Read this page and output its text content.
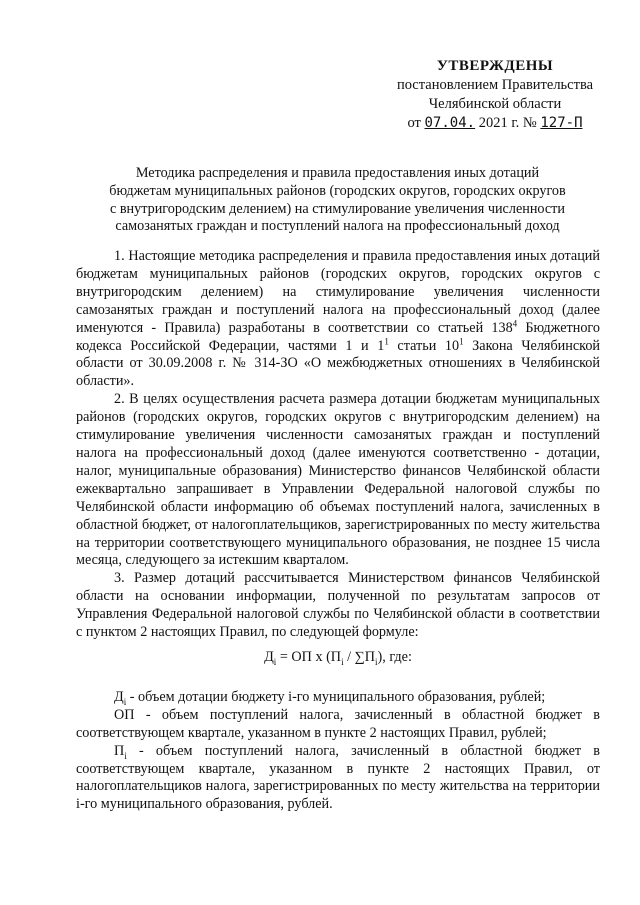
УТВЕРЖДЕНЫ
постановлением Правительства
Челябинской области
от 07.04. 2021 г. № 127-П
Методика распределения и правила предоставления иных дотаций
бюджетам муниципальных районов (городских округов, городских округов
с внутригородским делением) на стимулирование увеличения численности
самозанятых граждан и поступлений налога на профессиональный доход

1. Настоящие методика распределения и правила предоставления иных дотаций бюджетам муниципальных районов (городских округов, городских округов с внутригородским делением) на стимулирование увеличения численности самозанятых граждан и поступлений налога на профессиональный доход (далее именуются - Правила) разработаны в соответствии со статьей $138^4$ Бюджетного кодекса Российской Федерации, частями 1 и $1^1$ статьи $10^1$ Закона Челябинской области от 30.09.2008 г. № 314-ЗО «О межбюджетных отношениях в Челябинской области».

2. В целях осуществления расчета размера дотации бюджетам муниципальных районов (городских округов, городских округов с внутригородским делением) на стимулирование увеличения численности самозанятых граждан и поступлений налога на профессиональный доход (далее именуются соответственно - дотации, налог, муниципальные образования) Министерство финансов Челябинской области ежеквартально запрашивает в Управлении Федеральной налоговой службы по Челябинской области информацию об объемах поступлений налога, зачисленных в областной бюджет, от налогоплательщиков, зарегистрированных по месту жительства на территории соответствующего муниципального образования, не позднее 15 числа месяца, следующего за истекшим кварталом.

3. Размер дотаций рассчитывается Министерством финансов Челябинской области на основании информации, полученной по результатам запросов от Управления Федеральной налоговой службы по Челябинской области в соответствии с пунктом 2 настоящих Правил, по следующей формуле:

$Д_i$ = ОП х $(П_i / \sum П_i)$, где:

$Д_i$ - объем дотации бюджету i-го муниципального образования, рублей;

ОП - объем поступлений налога, зачисленный в областной бюджет в соответствующем квартале, указанном в пункте 2 настоящих Правил, рублей;

$П_i$ - объем поступлений налога, зачисленный в областной бюджет в соответствующем квартале, указанном в пункте 2 настоящих Правил, от налогоплательщиков налога, зарегистрированных по месту жительства на территории i-го муниципального образования, рублей.
